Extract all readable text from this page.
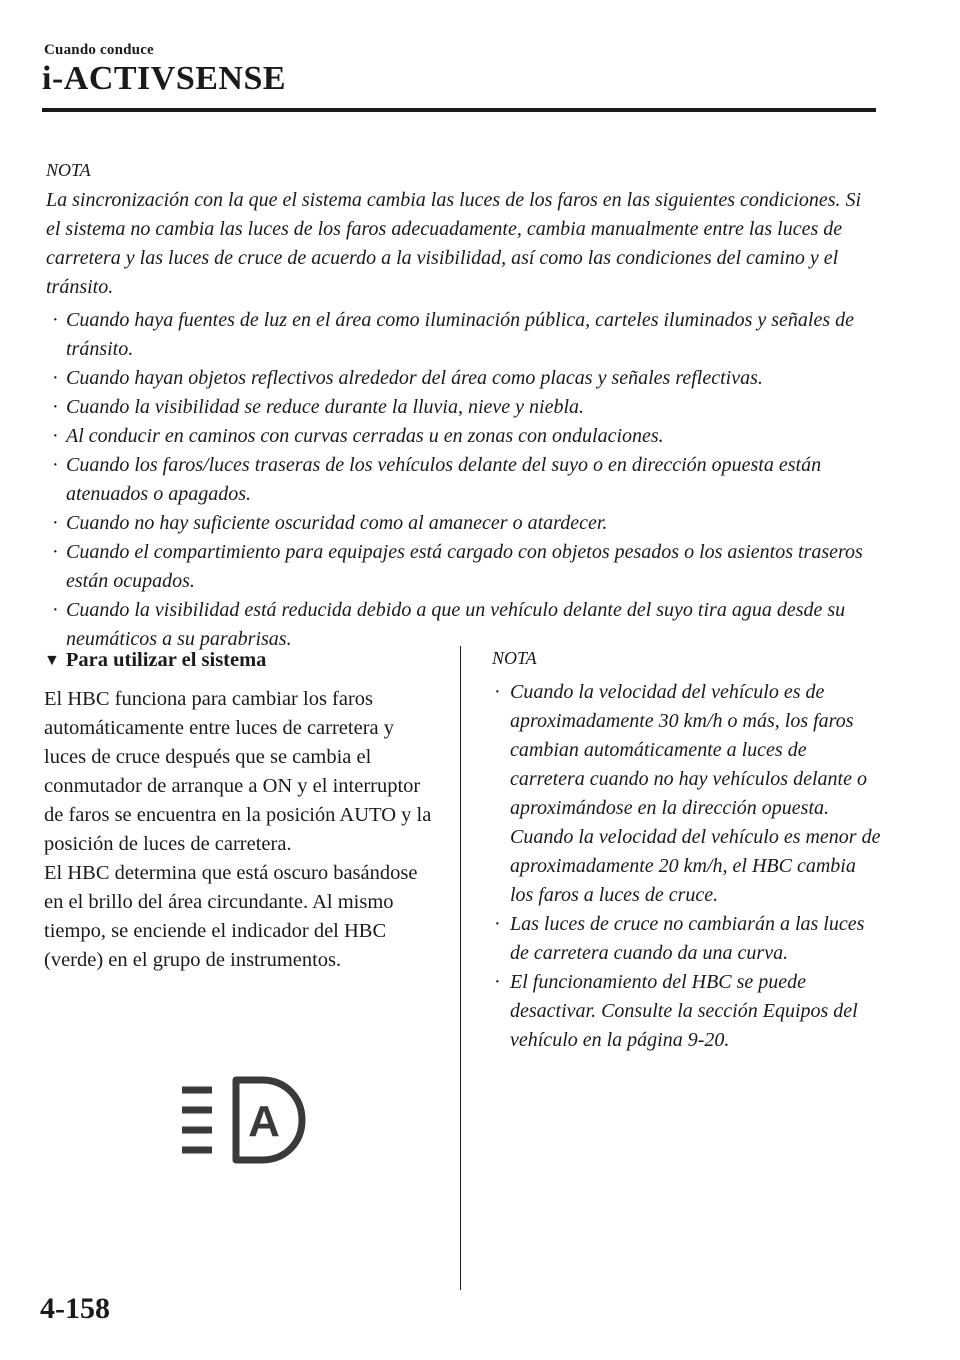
Cuando conduce
i-ACTIVSENSE
NOTA

La sincronización con la que el sistema cambia las luces de los faros en las siguientes condiciones. Si el sistema no cambia las luces de los faros adecuadamente, cambia manualmente entre las luces de carretera y las luces de cruce de acuerdo a la visibilidad, así como las condiciones del camino y el tránsito.

· Cuando haya fuentes de luz en el área como iluminación pública, carteles iluminados y señales de tránsito.
· Cuando hayan objetos reflectivos alrededor del área como placas y señales reflectivas.
· Cuando la visibilidad se reduce durante la lluvia, nieve y niebla.
· Al conducir en caminos con curvas cerradas u en zonas con ondulaciones.
· Cuando los faros/luces traseras de los vehículos delante del suyo o en dirección opuesta están atenuados o apagados.
· Cuando no hay suficiente oscuridad como al amanecer o atardecer.
· Cuando el compartimiento para equipajes está cargado con objetos pesados o los asientos traseros están ocupados.
· Cuando la visibilidad está reducida debido a que un vehículo delante del suyo tira agua desde su neumáticos a su parabrisas.
▼ Para utilizar el sistema

El HBC funciona para cambiar los faros automáticamente entre luces de carretera y luces de cruce después que se cambia el conmutador de arranque a ON y el interruptor de faros se encuentra en la posición AUTO y la posición de luces de carretera.

El HBC determina que está oscuro basándose en el brillo del área circundante. Al mismo tiempo, se enciende el indicador del HBC (verde) en el grupo de instrumentos.

A
NOTA
· Cuando la velocidad del vehículo es de aproximadamente 30 km/h o más, los faros cambian automáticamente a luces de carretera cuando no hay vehículos delante o aproximándose en la dirección opuesta.
Cuando la velocidad del vehículo es menor de aproximadamente 20 km/h, el HBC cambia los faros a luces de cruce.
· Las luces de cruce no cambiarán a las luces de carretera cuando da una curva.
· El funcionamiento del HBC se puede desactivar. Consulte la sección Equipos del vehículo en la página 9-20.
4-158
